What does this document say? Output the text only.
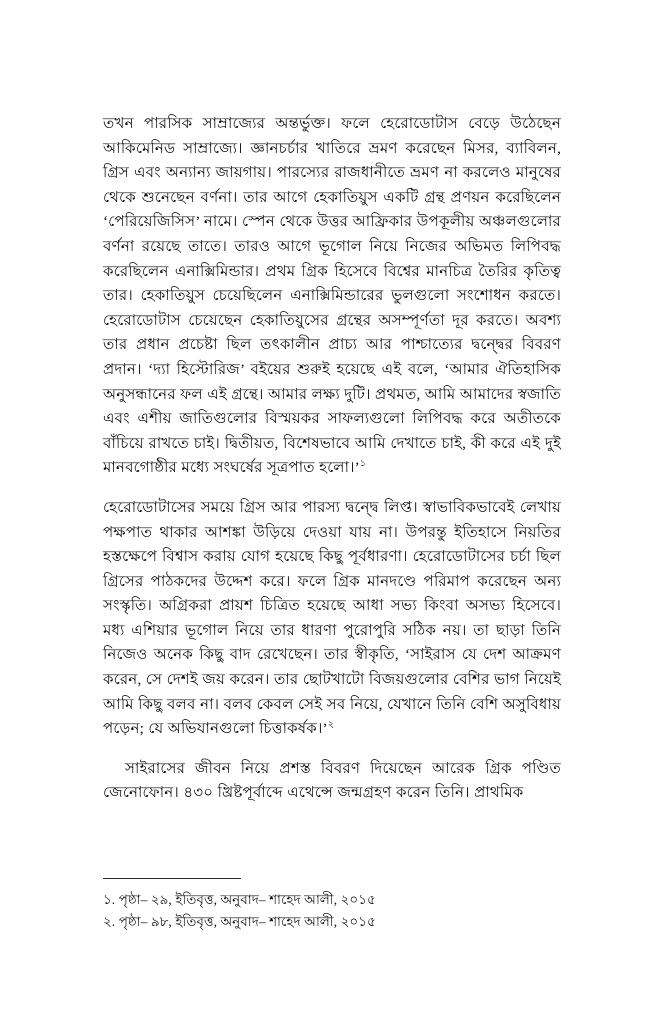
তখন পারসিক সাম্রাজ্যের অন্তর্ভুক্ত। ফলে হেরোডোটাস বেড়ে উঠেছেন আকিমেনিড সাম্রাজ্যে। জ্ঞানচর্চার খাতিরে ভ্রমণ করেছেন মিসর, ব্যাবিলন, গ্রিস এবং অন্যান্য জায়গায়। পারস্যের রাজধানীতে ভ্রমণ না করলেও মানুষের থেকে শুনেছেন বর্ণনা। তার আগে হেকাতিয়ুস একটি গ্রন্থ প্রণয়ন করেছিলেন ‘পেরিয়েজিসিস’ নামে। স্পেন থেকে উত্তর আফ্রিকার উপকূলীয় অঞ্চলগুলোর বর্ণনা রয়েছে তাতে। তারও আগে ভূগোল নিয়ে নিজের অভিমত লিপিবদ্ধ করেছিলেন এনাক্সিমিন্ডার। প্রথম গ্রিক হিসেবে বিশ্বের মানচিত্র তৈরির কৃতিত্ব তার। হেকাতিয়ুস চেয়েছিলেন এনাক্সিমিন্ডারের ভুলগুলো সংশোধন করতে। হেরোডোটাস চেয়েছেন হেকাতিয়ুসের গ্রন্থের অসম্পূর্ণতা দূর করতে। অবশ্য তার প্রধান প্রচেষ্টা ছিল তৎকালীন প্রাচ্য আর পাশ্চাত্যের দ্বন্দ্বের বিবরণ প্রদান। ‘দ্যা হিস্টোরিজ’ বইয়ের শুরুই হয়েছে এই বলে, ‘আমার ঐতিহাসিক অনুসন্ধানের ফল এই গ্রন্থে। আমার লক্ষ্য দুটি। প্রথমত, আমি আমাদের স্বজাতি এবং এশীয় জাতিগুলোর বিস্ময়কর সাফল্যগুলো লিপিবদ্ধ করে অতীতকে বাঁচিয়ে রাখতে চাই। দ্বিতীয়ত, বিশেষভাবে আমি দেখাতে চাই, কী করে এই দুই মানবগোষ্ঠীর মধ্যে সংঘর্ষের সূত্রপাত হলো।’$^১$

হেরোডোটাসের সময়ে গ্রিস আর পারস্য দ্বন্দ্বে লিপ্ত। স্বাভাবিকভাবেই লেখায় পক্ষপাত থাকার আশঙ্কা উড়িয়ে দেওয়া যায় না। উপরন্তু ইতিহাসে নিয়তির হস্তক্ষেপে বিশ্বাস করায় যোগ হয়েছে কিছু পূর্বধারণা। হেরোডোটাসের চর্চা ছিল গ্রিসের পাঠকদের উদ্দেশ করে। ফলে গ্রিক মানদণ্ডে পরিমাপ করেছেন অন্য সংস্কৃতি। অগ্রিকরা প্রায়শ চিত্রিত হয়েছে আধা সভ্য কিংবা অসভ্য হিসেবে। মধ্য এশিয়ার ভূগোল নিয়ে তার ধারণা পুরোপুরি সঠিক নয়। তা ছাড়া তিনি নিজেও অনেক কিছু বাদ রেখেছেন। তার স্বীকৃতি, ‘সাইরাস যে দেশ আক্রমণ করেন, সে দেশই জয় করেন। তার ছোটখাটো বিজয়গুলোর বেশির ভাগ নিয়েই আমি কিছু বলব না। বলব কেবল সেই সব নিয়ে, যেখানে তিনি বেশি অসুবিধায় পড়েন; যে অভিযানগুলো চিত্তাকর্ষক।’$^২$

সাইরাসের জীবন নিয়ে প্রশস্ত বিবরণ দিয়েছেন আরেক গ্রিক পণ্ডিত জেনোফোন। ৪৩০ খ্রিষ্টপূর্বাব্দে এথেন্সে জন্মগ্রহণ করেন তিনি। প্রাথমিক

১. পৃষ্ঠা– ২৯, ইতিবৃত্ত, অনুবাদ– শাহেদ আলী, ২০১৫

২. পৃষ্ঠা– ৯৮, ইতিবৃত্ত, অনুবাদ– শাহেদ আলী, ২০১৫
